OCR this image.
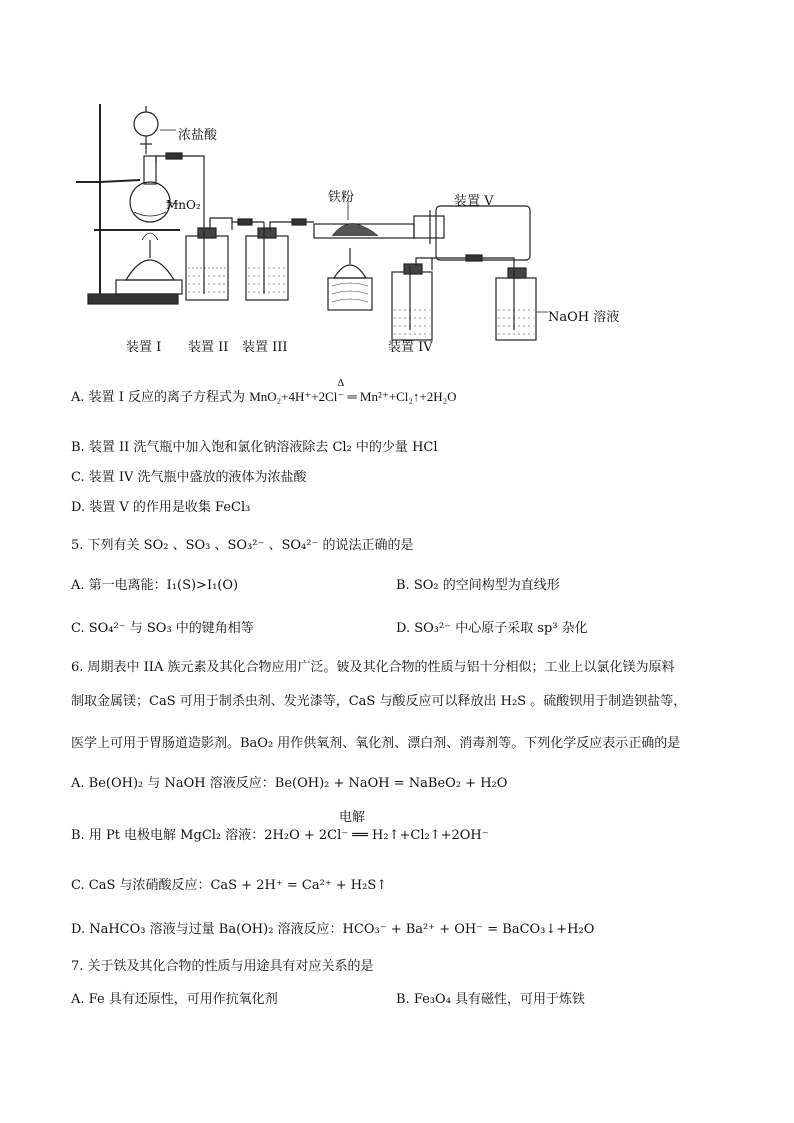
浓盐酸
MnO₂	铁粉	装置 V
NaOH 溶液
装置 I 装置 II 装置 III	装置 IV
A. 装置 I 反应的离子方程式为
Δ
MnO₂+4H⁺+2Cl⁻ ═ Mn²⁺+Cl₂↑+2H₂O
B. 装置 II 洗气瓶中加入饱和氯化钠溶液除去 Cl₂ 中的少量 HCl
C. 装置 IV 洗气瓶中盛放的液体为浓盐酸
D. 装置 V 的作用是收集 FeCl₃
5. 下列有关 SO₂ 、SO₃ 、SO₃²⁻ 、SO₄²⁻ 的说法正确的是
A. 第一电离能：I₁(S)>I₁(O)	B. SO₂ 的空间构型为直线形
C. SO₄²⁻ 与 SO₃ 中的键角相等	D. SO₃²⁻ 中心原子采取 sp³ 杂化
6. 周期表中 IIA 族元素及其化合物应用广泛。铍及其化合物的性质与铝十分相似；工业上以氯化镁为原料
制取金属镁；CaS 可用于制杀虫剂、发光漆等，CaS 与酸反应可以释放出 H₂S 。硫酸钡用于制造钡盐等，
医学上可用于胃肠道造影剂。BaO₂ 用作供氧剂、氧化剂、漂白剂、消毒剂等。下列化学反应表示正确的是
A. Be(OH)₂ 与 NaOH 溶液反应：Be(OH)₂ + NaOH = NaBeO₂ + H₂O
电解
B. 用 Pt 电极电解 MgCl₂ 溶液：2H₂O + 2Cl⁻ ══ H₂↑+Cl₂↑+2OH⁻
C. CaS 与浓硝酸反应：CaS + 2H⁺ = Ca²⁺ + H₂S↑
D. NaHCO₃ 溶液与过量 Ba(OH)₂ 溶液反应：HCO₃⁻ + Ba²⁺ + OH⁻ = BaCO₃↓+H₂O
7. 关于铁及其化合物的性质与用途具有对应关系的是
A. Fe 具有还原性，可用作抗氧化剂	B. Fe₃O₄ 具有磁性，可用于炼铁
